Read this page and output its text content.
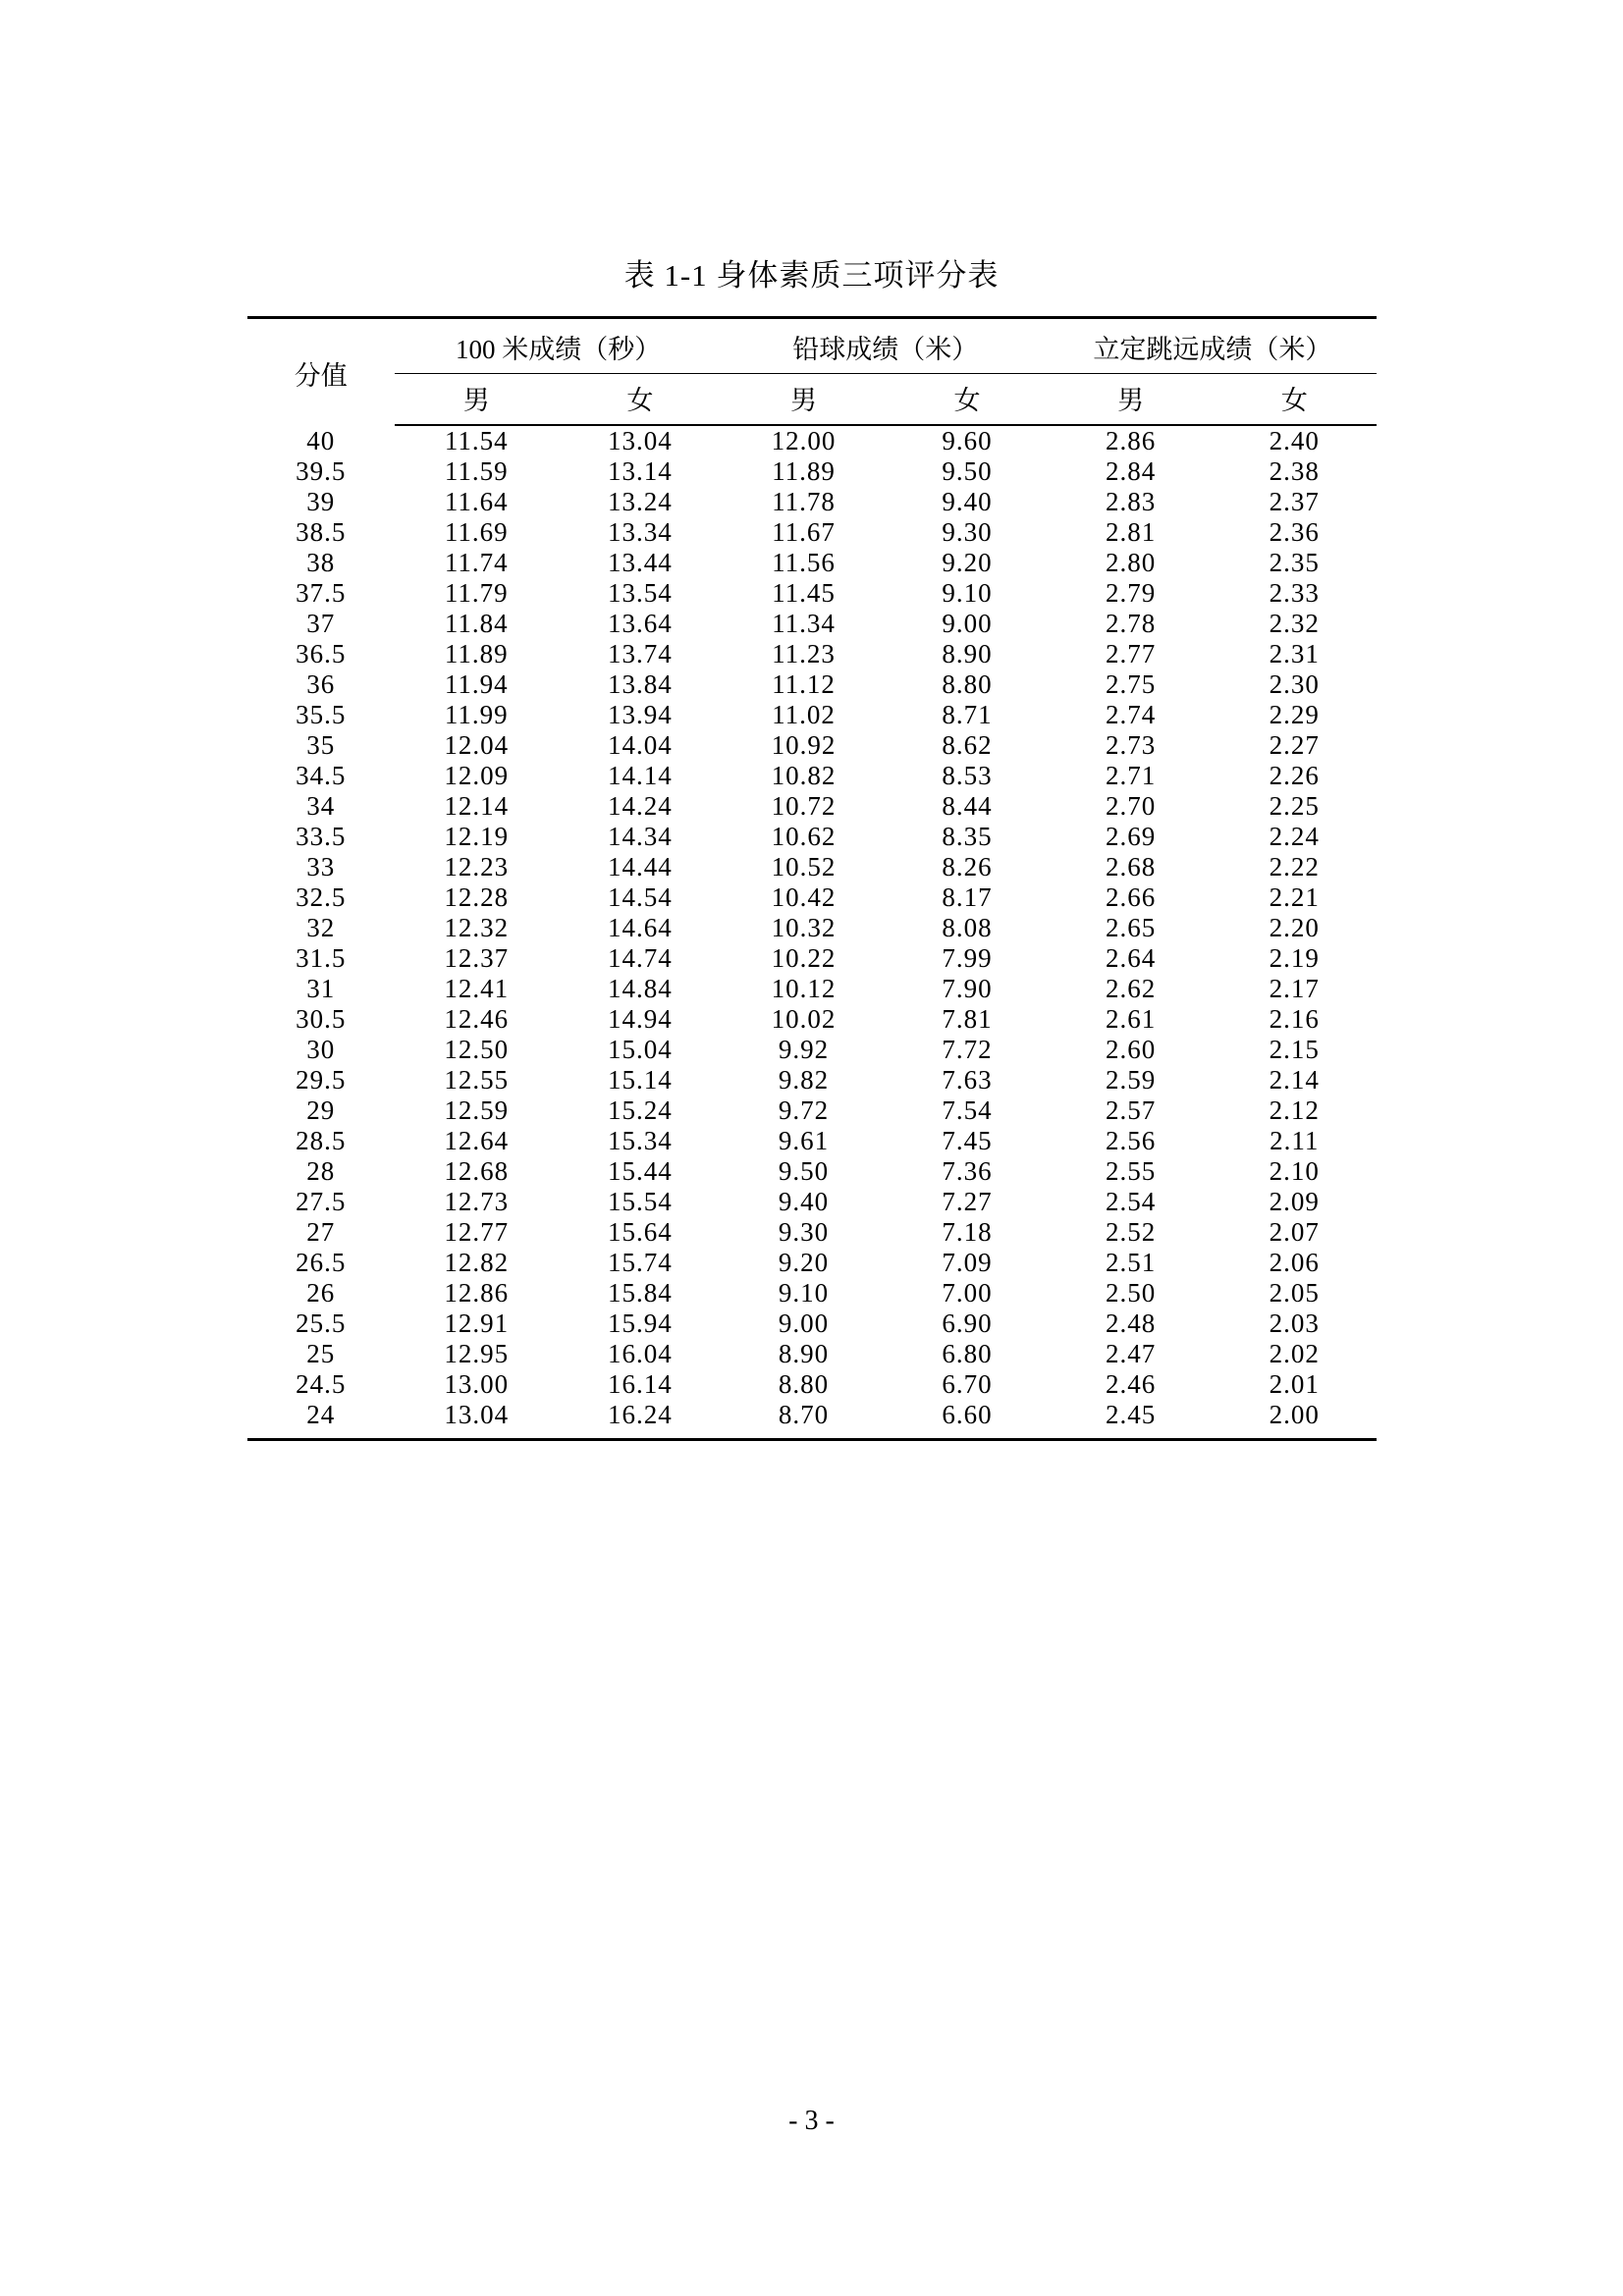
表 1-1 身体素质三项评分表
分值	100 米成绩（秒）		铅球成绩（米）		立定跳远成绩（米）	
	男	女	男	女	男	女
40	11.54	13.04	12.00	9.60	2.86	2.40
39.5	11.59	13.14	11.89	9.50	2.84	2.38
39	11.64	13.24	11.78	9.40	2.83	2.37
38.5	11.69	13.34	11.67	9.30	2.81	2.36
38	11.74	13.44	11.56	9.20	2.80	2.35
37.5	11.79	13.54	11.45	9.10	2.79	2.33
37	11.84	13.64	11.34	9.00	2.78	2.32
36.5	11.89	13.74	11.23	8.90	2.77	2.31
36	11.94	13.84	11.12	8.80	2.75	2.30
35.5	11.99	13.94	11.02	8.71	2.74	2.29
35	12.04	14.04	10.92	8.62	2.73	2.27
34.5	12.09	14.14	10.82	8.53	2.71	2.26
34	12.14	14.24	10.72	8.44	2.70	2.25
33.5	12.19	14.34	10.62	8.35	2.69	2.24
33	12.23	14.44	10.52	8.26	2.68	2.22
32.5	12.28	14.54	10.42	8.17	2.66	2.21
32	12.32	14.64	10.32	8.08	2.65	2.20
31.5	12.37	14.74	10.22	7.99	2.64	2.19
31	12.41	14.84	10.12	7.90	2.62	2.17
30.5	12.46	14.94	10.02	7.81	2.61	2.16
30	12.50	15.04	9.92	7.72	2.60	2.15
29.5	12.55	15.14	9.82	7.63	2.59	2.14
29	12.59	15.24	9.72	7.54	2.57	2.12
28.5	12.64	15.34	9.61	7.45	2.56	2.11
28	12.68	15.44	9.50	7.36	2.55	2.10
27.5	12.73	15.54	9.40	7.27	2.54	2.09
27	12.77	15.64	9.30	7.18	2.52	2.07
26.5	12.82	15.74	9.20	7.09	2.51	2.06
26	12.86	15.84	9.10	7.00	2.50	2.05
25.5	12.91	15.94	9.00	6.90	2.48	2.03
25	12.95	16.04	8.90	6.80	2.47	2.02
24.5	13.00	16.14	8.80	6.70	2.46	2.01
24	13.04	16.24	8.70	6.60	2.45	2.00
- 3 -
